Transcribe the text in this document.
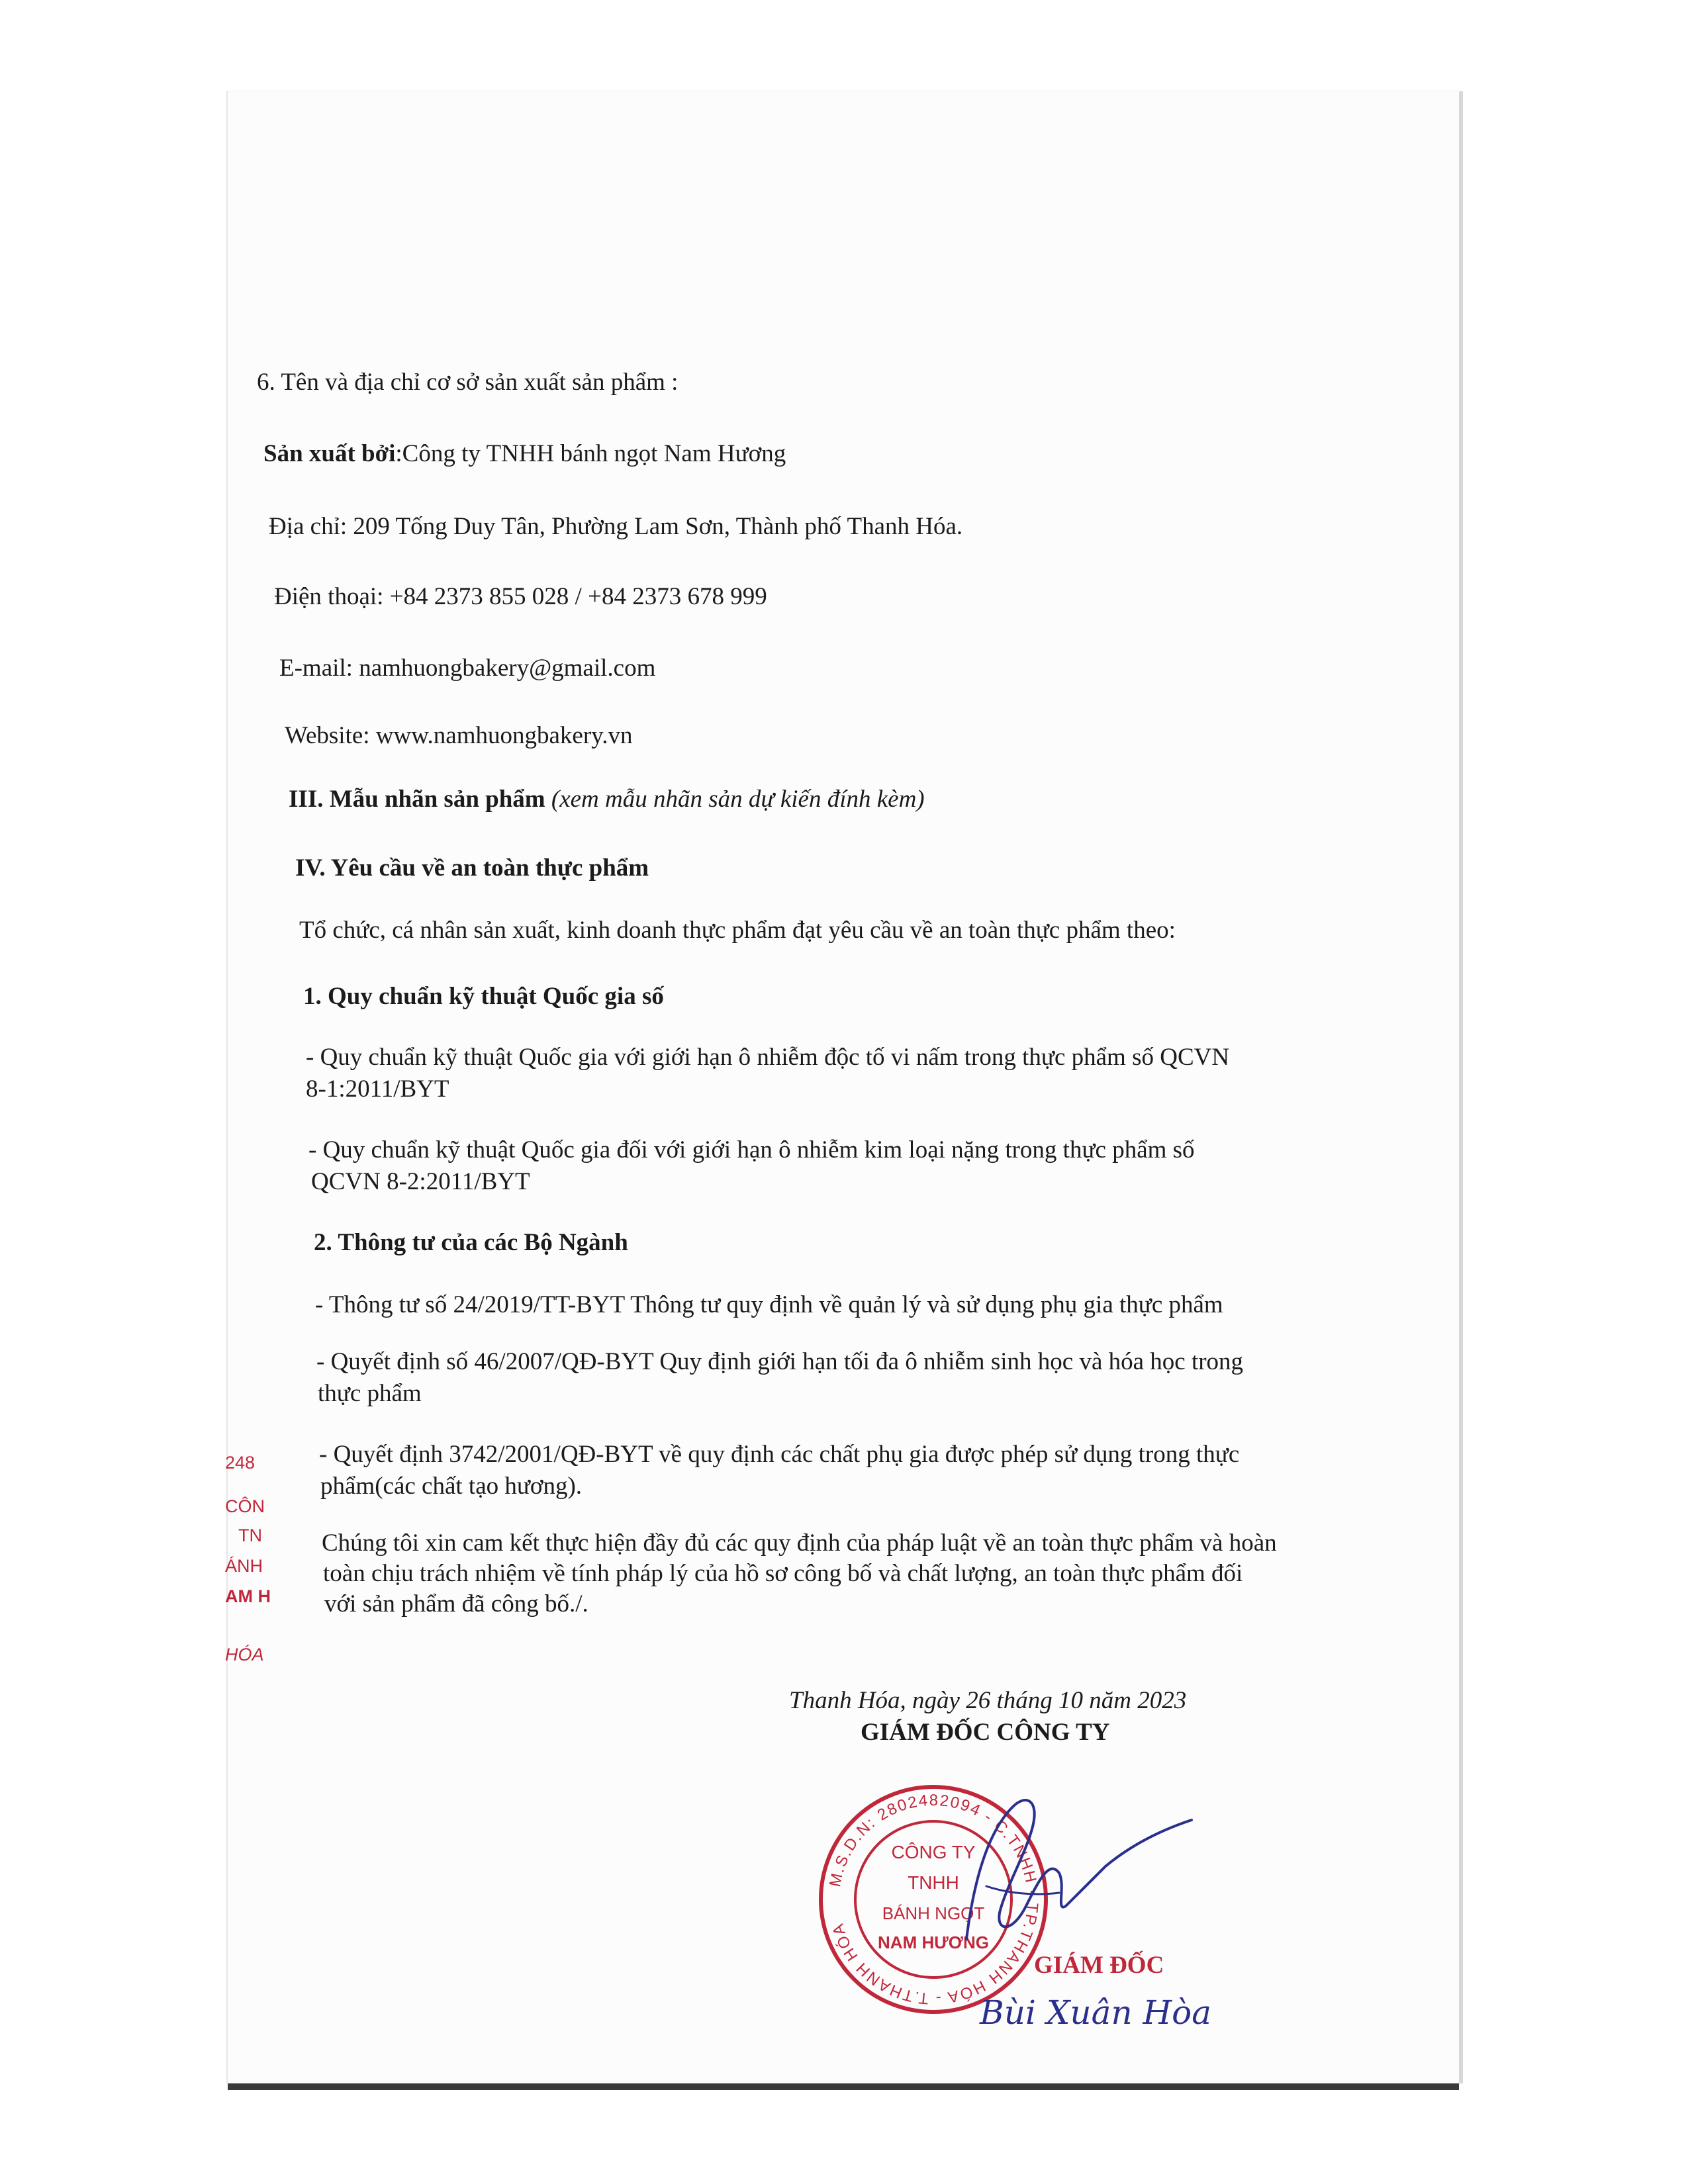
6. Tên và địa chỉ cơ sở sản xuất sản phẩm :
Sản xuất bởi:Công ty TNHH bánh ngọt Nam Hương
Địa chỉ: 209 Tống Duy Tân, Phường Lam Sơn, Thành phố Thanh Hóa.
Điện thoại: +84 2373 855 028 / +84 2373 678 999
E-mail: namhuongbakery@gmail.com
Website: www.namhuongbakery.vn
III. Mẫu nhãn sản phẩm (xem mẫu nhãn sản dự kiến đính kèm)
IV. Yêu cầu về an toàn thực phẩm
Tổ chức, cá nhân sản xuất, kinh doanh thực phẩm đạt yêu cầu về an toàn thực phẩm theo:
1. Quy chuẩn kỹ thuật Quốc gia số
- Quy chuẩn kỹ thuật Quốc gia với giới hạn ô nhiễm độc tố vi nấm trong thực phẩm số QCVN
8-1:2011/BYT
- Quy chuẩn kỹ thuật Quốc gia đối với giới hạn ô nhiễm kim loại nặng trong thực phẩm số
QCVN 8-2:2011/BYT
2. Thông tư của các Bộ Ngành
- Thông tư số 24/2019/TT-BYT Thông tư quy định về quản lý và sử dụng phụ gia thực phẩm
- Quyết định số 46/2007/QĐ-BYT Quy định giới hạn tối đa ô nhiễm sinh học và hóa học trong
thực phẩm
- Quyết định 3742/2001/QĐ-BYT về quy định các chất phụ gia được phép sử dụng trong thực
phẩm(các chất tạo hương).
Chúng tôi xin cam kết thực hiện đầy đủ các quy định của pháp luật về an toàn thực phẩm và hoàn
toàn chịu trách nhiệm về tính pháp lý của hồ sơ công bố và chất lượng, an toàn thực phẩm đối
với sản phẩm đã công bố./.
Thanh Hóa, ngày 26 tháng 10 năm 2023
GIÁM ĐỐC CÔNG TY
248
CÔN
TN
ÁNH
AM H
HÓA
M.S.D.N: 2802482094 - C.TNHH - TP.THANH HÓA - T.THANH HÓA
CÔNG TY
TNHH
BÁNH NGỌT
NAM HƯƠNG
GIÁM ĐỐC
Bùi Xuân Hòa
